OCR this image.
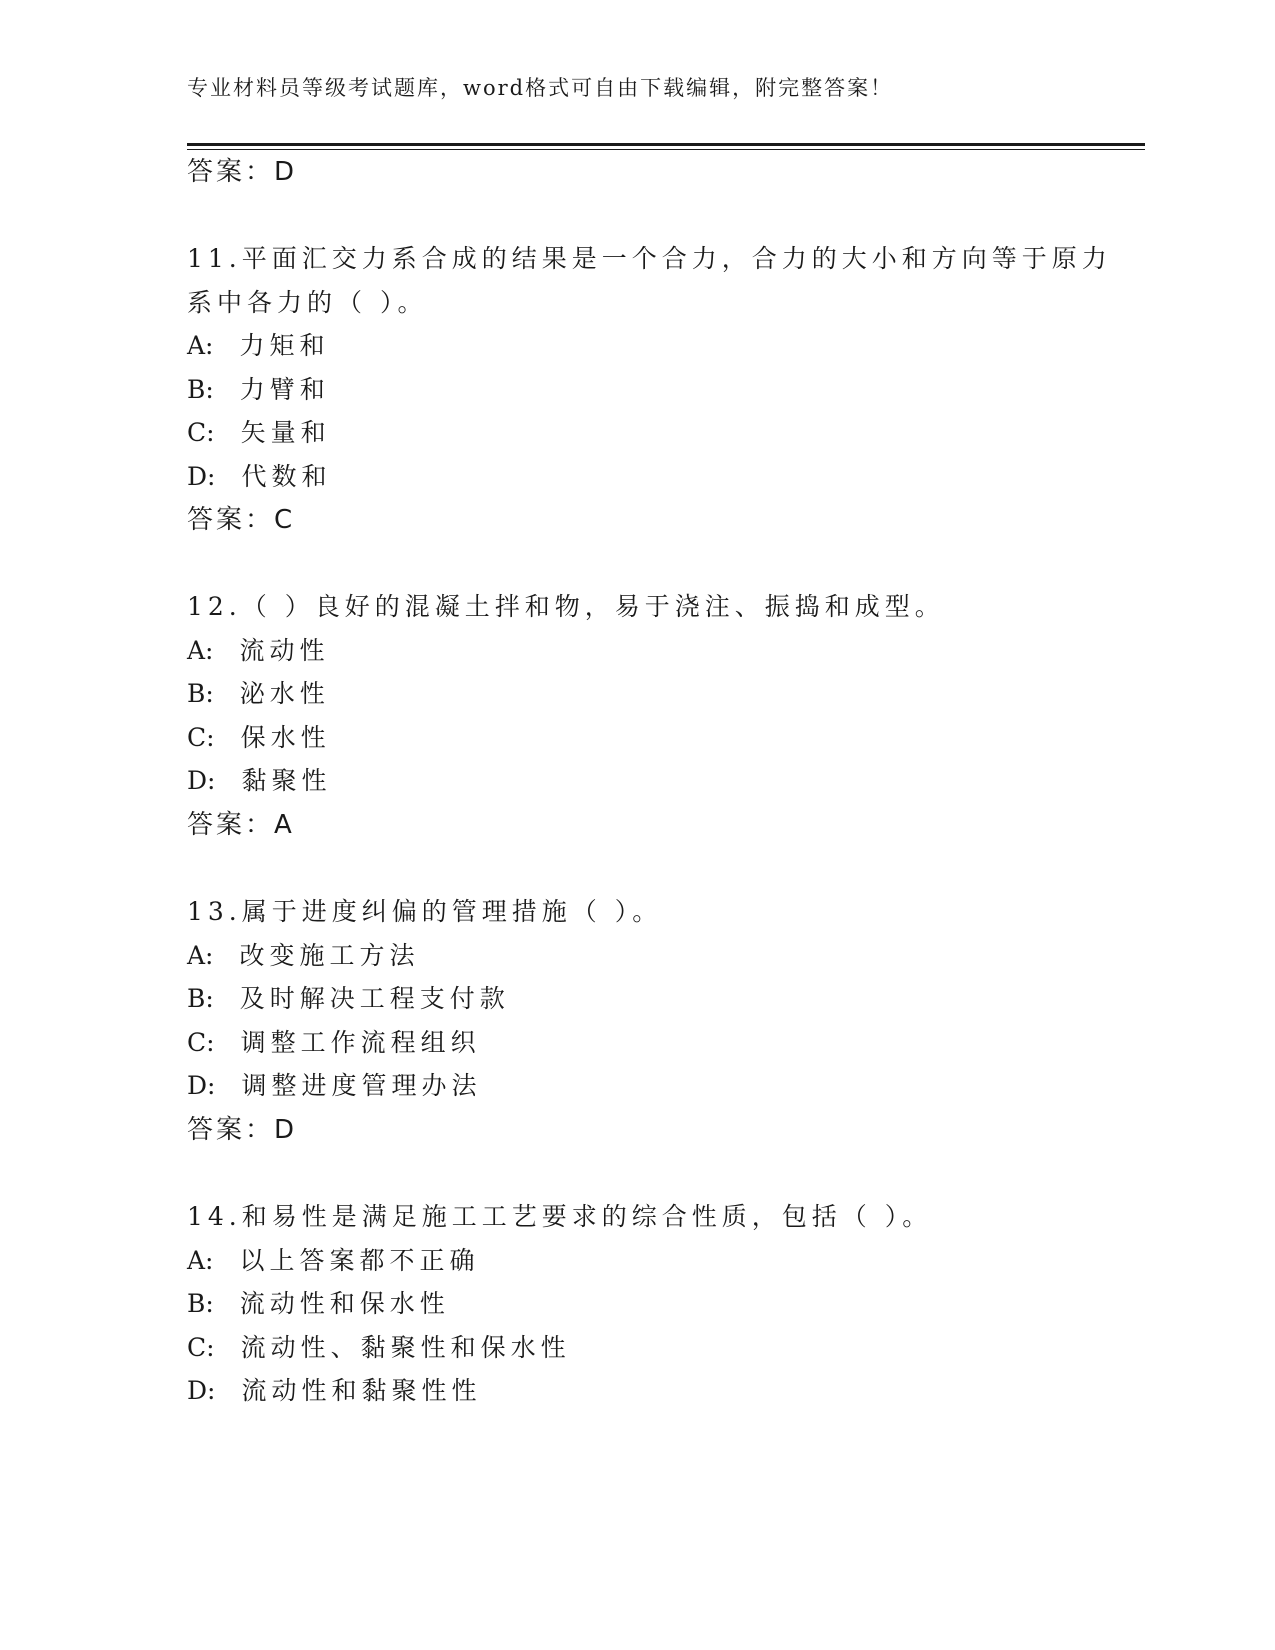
专业材料员等级考试题库，word格式可自由下载编辑，附完整答案！
答案：D
11.平面汇交力系合成的结果是一个合力，合力的大小和方向等于原力
系中各力的（ ）。
A: 力矩和
B: 力臂和
C: 矢量和
D: 代数和
答案：C
12.（ ）良好的混凝土拌和物，易于浇注、振捣和成型。
A: 流动性
B: 泌水性
C: 保水性
D: 黏聚性
答案：A
13.属于进度纠偏的管理措施（ ）。
A: 改变施工方法
B: 及时解决工程支付款
C: 调整工作流程组织
D: 调整进度管理办法
答案：D
14.和易性是满足施工工艺要求的综合性质，包括（ ）。
A: 以上答案都不正确
B: 流动性和保水性
C: 流动性、黏聚性和保水性
D: 流动性和黏聚性性
